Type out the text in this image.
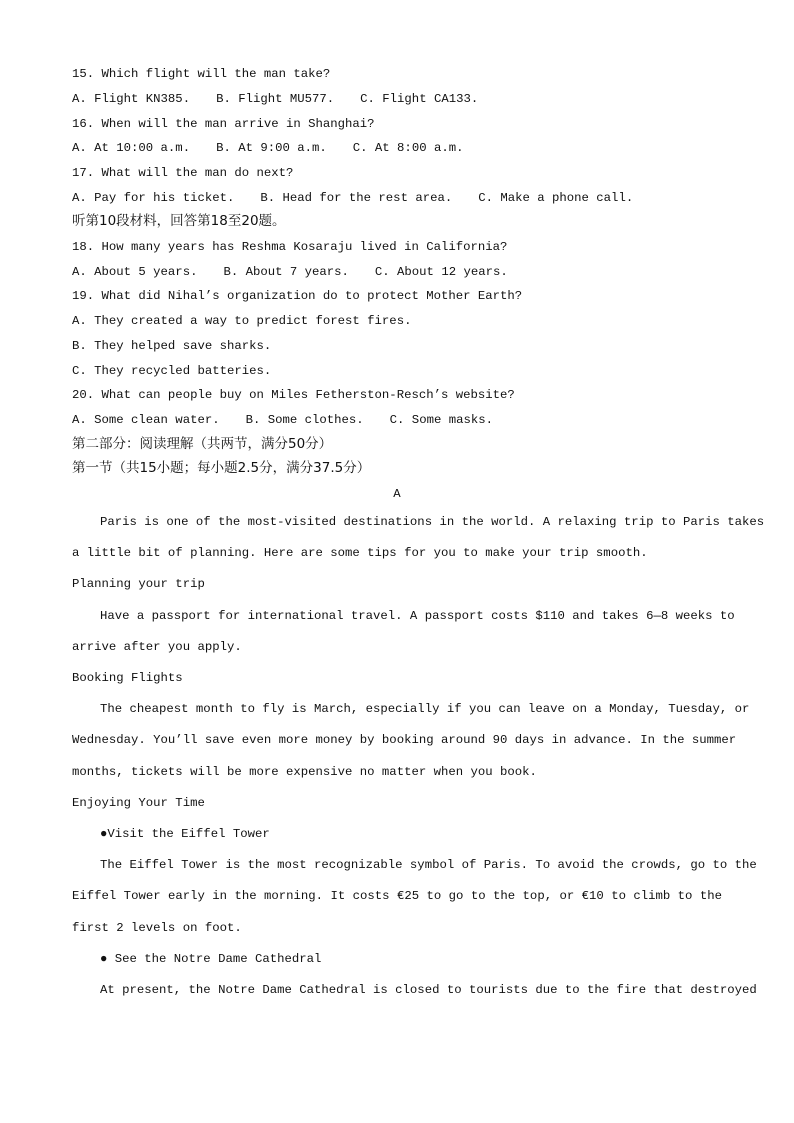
15. Which flight will the man take?
A. Flight KN385. B. Flight MU577. C. Flight CA133.
16. When will the man arrive in Shanghai?
A. At 10:00 a.m. B. At 9:00 a.m. C. At 8:00 a.m.
17. What will the man do next?
A. Pay for his ticket. B. Head for the rest area. C. Make a phone call.
听第10段材料，回答第18至20题。
18. How many years has Reshma Kosaraju lived in California?
A. About 5 years. B. About 7 years. C. About 12 years.
19. What did Nihal’s organization do to protect Mother Earth?
A. They created a way to predict forest fires.
B. They helped save sharks.
C. They recycled batteries.
20. What can people buy on Miles Fetherston-Resch’s website?
A. Some clean water. B. Some clothes. C. Some masks.
第二部分：阅读理解（共两节，满分50分）
第一节（共15小题；每小题2.5分，满分37.5分）
A
Paris is one of the most-visited destinations in the world. A relaxing trip to Paris takes
a little bit of planning. Here are some tips for you to make your trip smooth.
Planning your trip
Have a passport for international travel. A passport costs $110 and takes 6—8 weeks to
arrive after you apply.
Booking Flights
The cheapest month to fly is March, especially if you can leave on a Monday, Tuesday, or
Wednesday. You’ll save even more money by booking around 90 days in advance. In the summer
months, tickets will be more expensive no matter when you book.
Enjoying Your Time
●Visit the Eiffel Tower
The Eiffel Tower is the most recognizable symbol of Paris. To avoid the crowds, go to the
Eiffel Tower early in the morning. It costs €25 to go to the top, or €10 to climb to the
first 2 levels on foot.
● See the Notre Dame Cathedral
At present, the Notre Dame Cathedral is closed to tourists due to the fire that destroyed
